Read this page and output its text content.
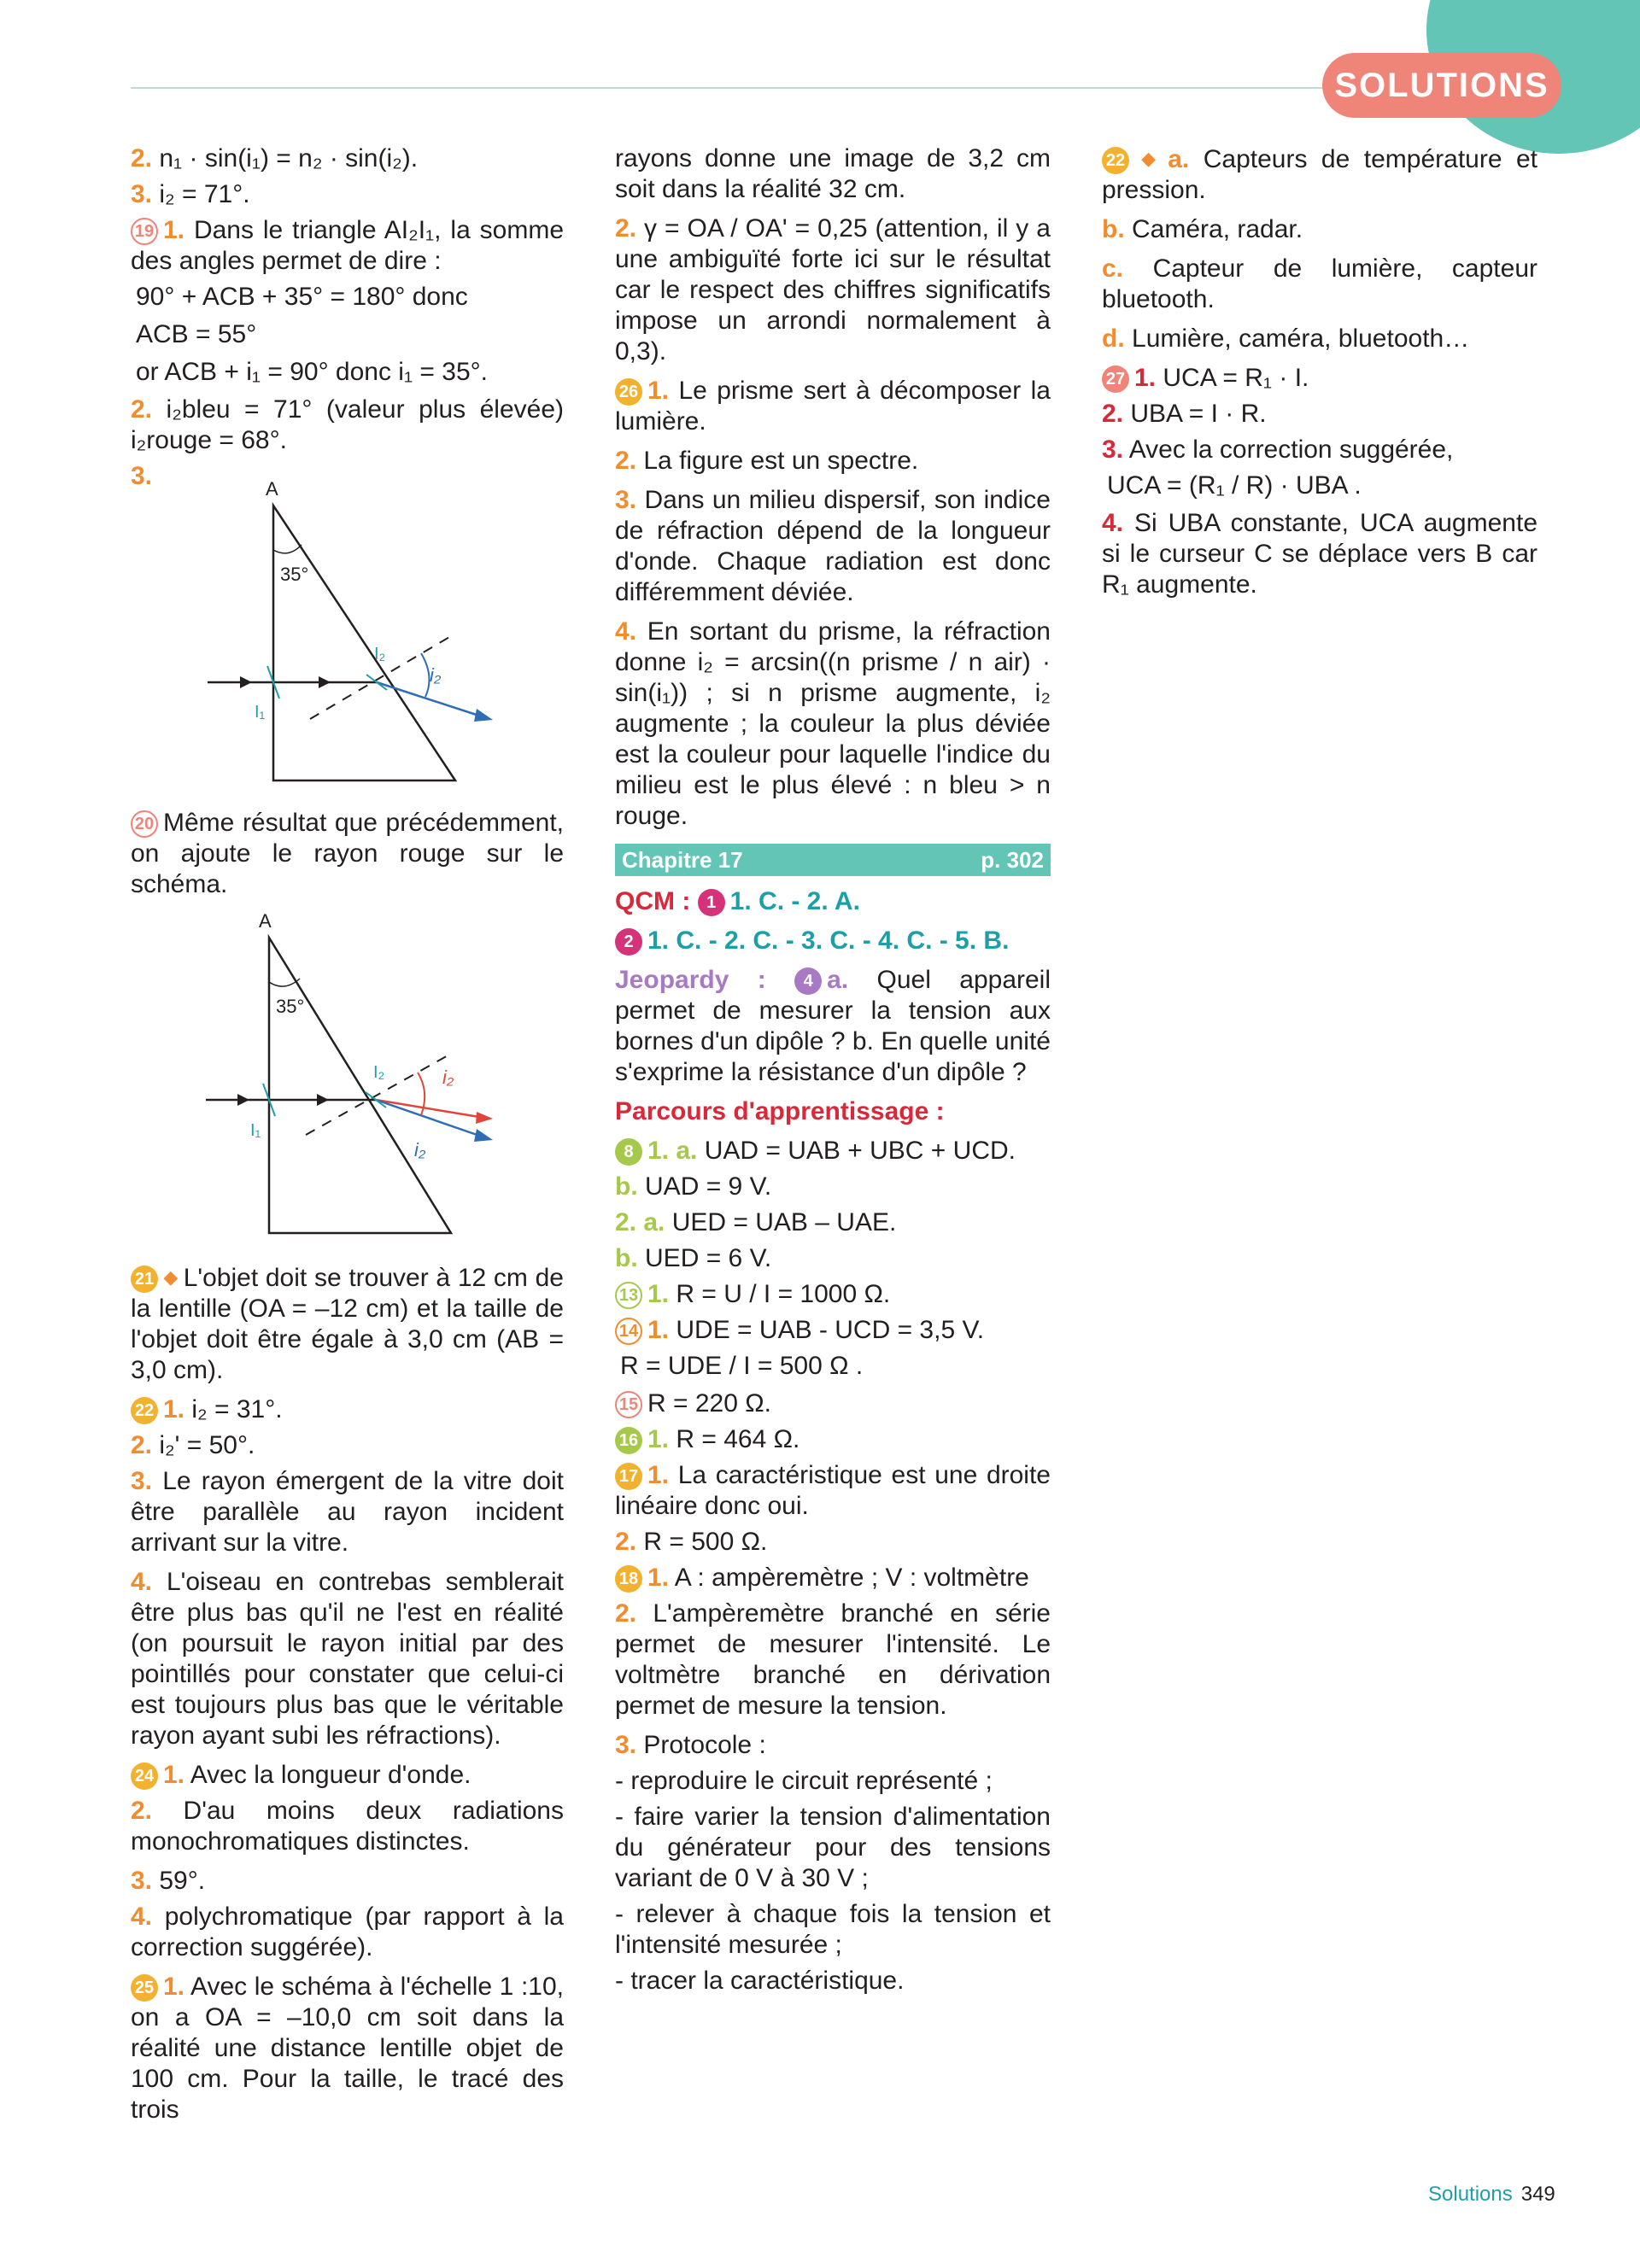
SOLUTIONS
2. n₁ · sin(i₁) = n₂ · sin(i₂).
3. i₂ = 71°.
19 1. Dans le triangle AI₂I₁, la somme des angles permet de dire :
90° + ACB + 35° = 180° donc
ACB = 55°
or ACB + i₁ = 90° donc i₁ = 35°.
2. i₂bleu = 71° (valeur plus élevée) i₂rouge = 68°.
3.	A
35°
I₁
I₂
i₂
20 Même résultat que précédemment, on ajoute le rayon rouge sur le schéma.
A
35°
I₁
I₂	i₂
i₂
21 ◆ L'objet doit se trouver à 12 cm de la lentille (OA = –12 cm) et la taille de l'objet doit être égale à 3,0 cm (AB = 3,0 cm).
22 1. i₂ = 31°.
2. i₂' = 50°.
3. Le rayon émergent de la vitre doit être parallèle au rayon incident arrivant sur la vitre.
4. L'oiseau en contrebas semblerait être plus bas qu'il ne l'est en réalité (on poursuit le rayon initial par des pointillés pour constater que celui-ci est toujours plus bas que le véritable rayon ayant subi les réfractions).
24 1. Avec la longueur d'onde.
2. D'au moins deux radiations monochromatiques distinctes.
3. 59°.
4. polychromatique (par rapport à la correction suggérée).
25 1. Avec le schéma à l'échelle 1 :10, on a OA = –10,0 cm soit dans la réalité une distance lentille objet de 100 cm. Pour la taille, le tracé des trois
rayons donne une image de 3,2 cm soit dans la réalité 32 cm.
2. γ = OA / OA' = 0,25 (attention, il y a une ambiguïté forte ici sur le résultat car le respect des chiffres significatifs impose un arrondi normalement à 0,3).
26 1. Le prisme sert à décomposer la lumière.
2. La figure est un spectre.
3. Dans un milieu dispersif, son indice de réfraction dépend de la longueur d'onde. Chaque radiation est donc différemment déviée.
4. En sortant du prisme, la réfraction donne i₂ = arcsin((n prisme / n air) · sin(i₁)) ; si n prisme augmente, i₂ augmente ; la couleur la plus déviée est la couleur pour laquelle l'indice du milieu est le plus élevé : n bleu > n rouge.
Chapitre 17	p. 302
QCM : 1 1. C. - 2. A.
2 1. C. - 2. C. - 3. C. - 4. C. - 5. B.
Jeopardy : 4 a. Quel appareil permet de mesurer la tension aux bornes d'un dipôle ? b. En quelle unité s'exprime la résistance d'un dipôle ?
Parcours d'apprentissage :
8 1. a. UAD = UAB + UBC + UCD.
b. UAD = 9 V.
2. a. UED = UAB – UAE.
b. UED = 6 V.
13 1. R = U / I = 1000 Ω.
14 1. UDE = UAB - UCD = 3,5 V.
R = UDE / I = 500 Ω .
15 R = 220 Ω.
16 1. R = 464 Ω.
17 1. La caractéristique est une droite linéaire donc oui.
2. R = 500 Ω.
18 1. A : ampèremètre ; V : voltmètre
2. L'ampèremètre branché en série permet de mesurer l'intensité. Le voltmètre branché en dérivation permet de mesure la tension.
3. Protocole :
- reproduire le circuit représenté ;
- faire varier la tension d'alimentation du générateur pour des tensions variant de 0 V à 30 V ;
- relever à chaque fois la tension et l'intensité mesurée ;
- tracer la caractéristique.
22 ◆ a. Capteurs de température et pression.
b. Caméra, radar.
c. Capteur de lumière, capteur bluetooth.
d. Lumière, caméra, bluetooth…
27 1. UCA = R₁ · I.
2. UBA = I · R.
3. Avec la correction suggérée,
UCA = (R₁ / R) · UBA .
4. Si UBA constante, UCA augmente si le curseur C se déplace vers B car R₁ augmente.
Solutions 349
